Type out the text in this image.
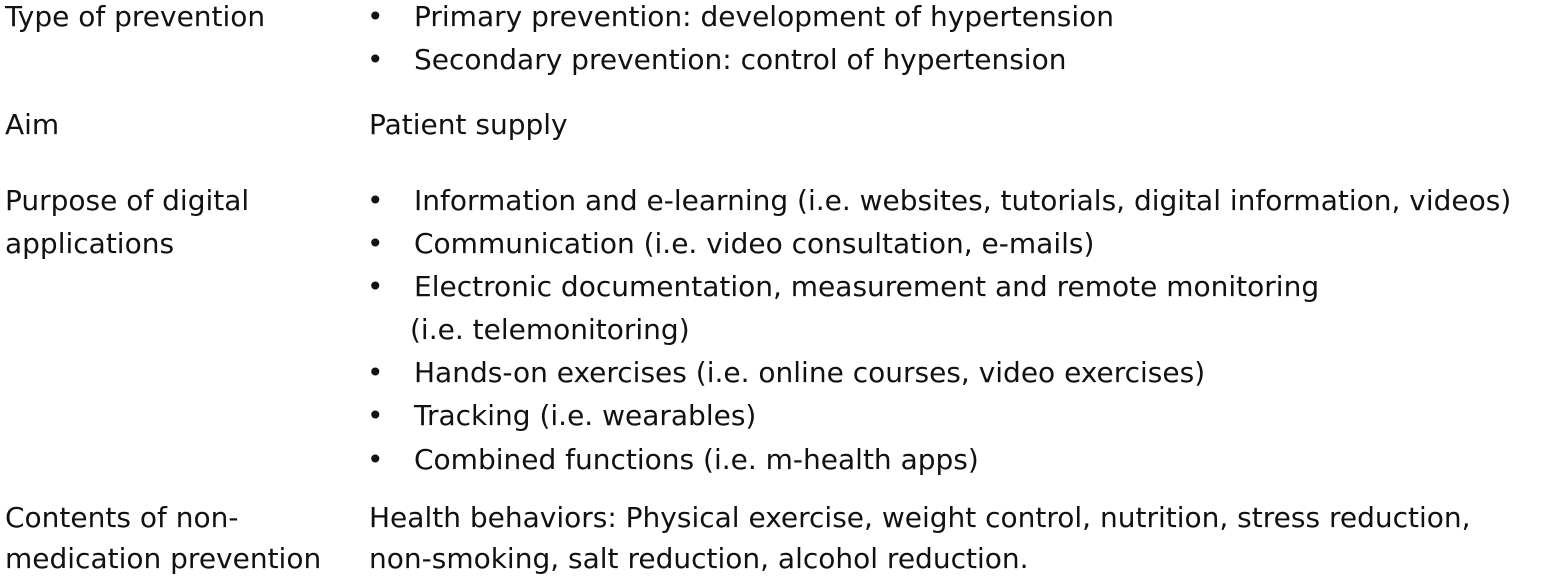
Type of prevention
•	Primary prevention: development of hypertension
•
Secondary prevention: control of hypertension
Aim	Patient supply
Purpose of digital
applications
•
Information and e-learning (i.e. websites, tutorials, digital information, videos)
•
Communication (i.e. video consultation, e-mails)
•
Electronic documentation, measurement and remote monitoring
(i.e. telemonitoring)
•
Hands-on exercises (i.e. online courses, video exercises)
•
Tracking (i.e. wearables)
•
Combined functions (i.e. m-health apps)
Contents of non-
medication prevention
Health behaviors: Physical exercise, weight control, nutrition, stress reduction,
non-smoking, salt reduction, alcohol reduction.
